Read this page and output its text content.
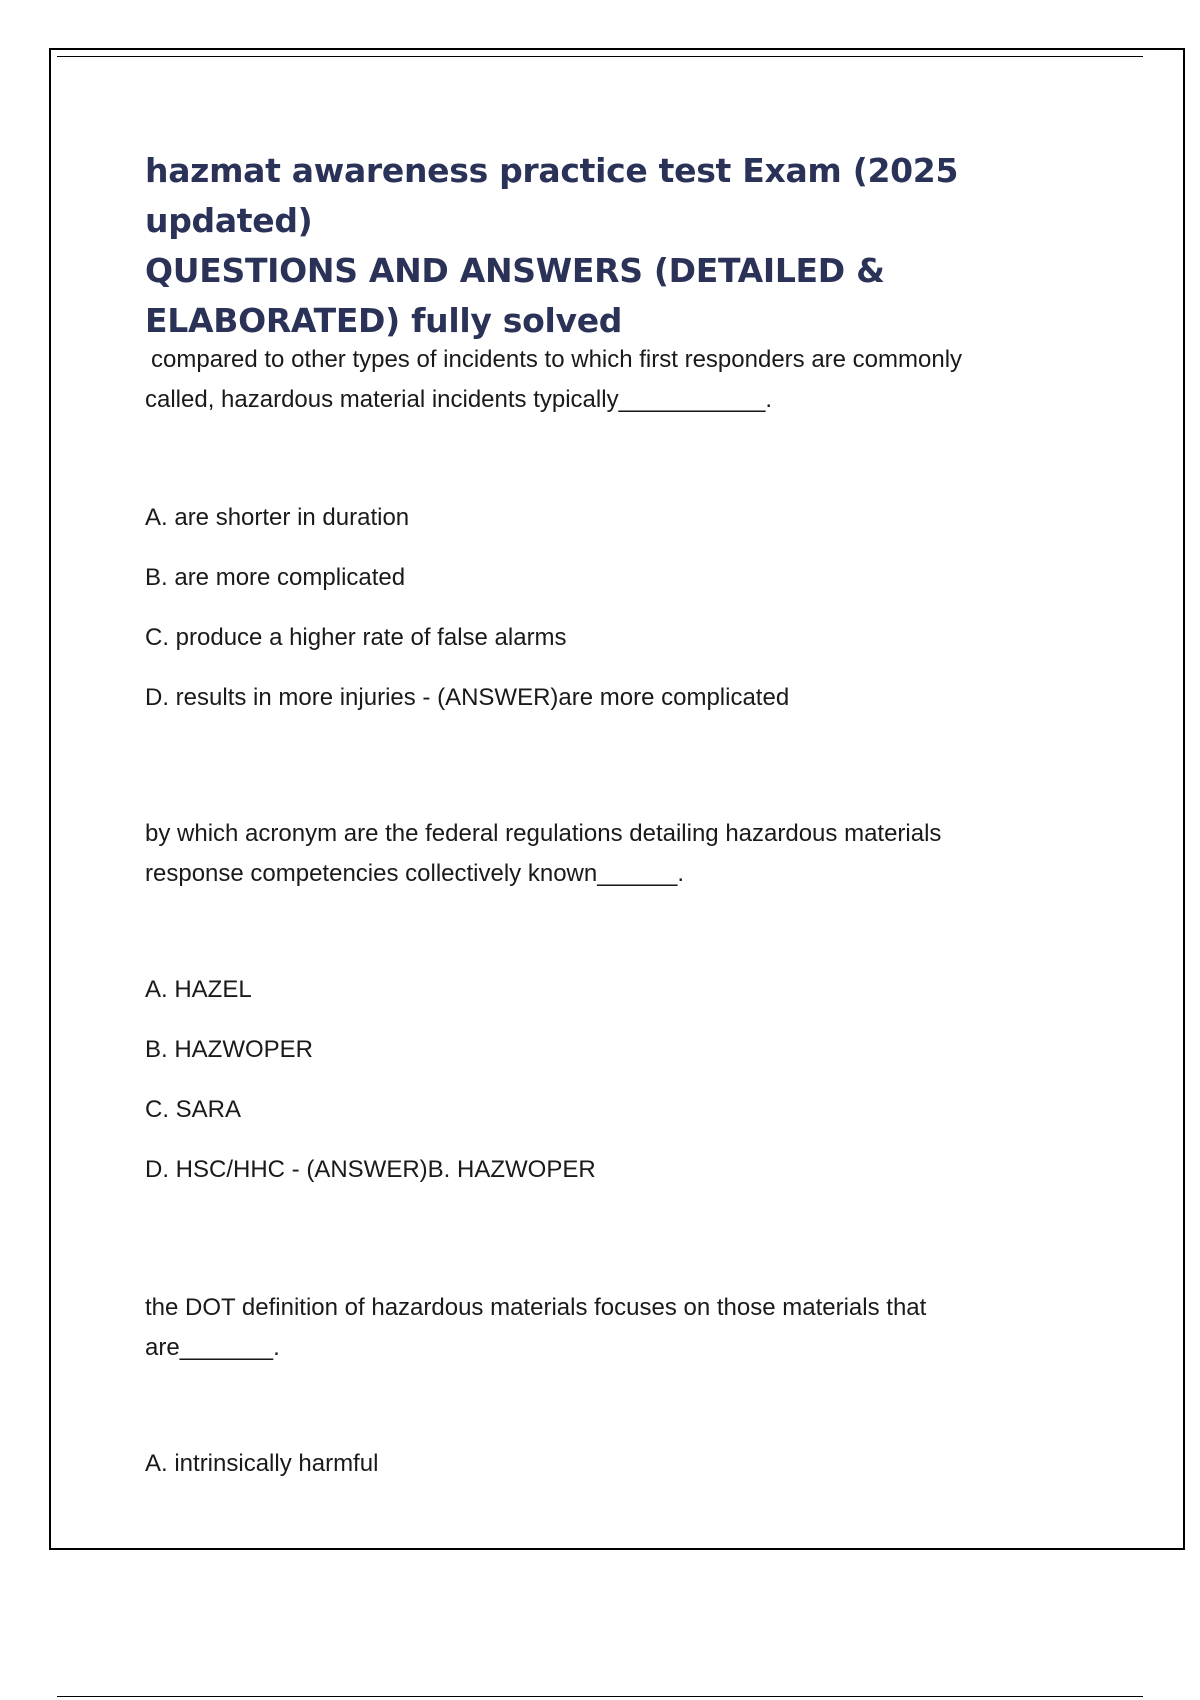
hazmat awareness practice test Exam (2025 updated)
QUESTIONS AND ANSWERS (DETAILED &
ELABORATED) fully solved

compared to other types of incidents to which first responders are commonly

called, hazardous material incidents typically___________.

A. are shorter in duration
B. are more complicated
C. produce a higher rate of false alarms
D. results in more injuries - (ANSWER)are more complicated

by which acronym are the federal regulations detailing hazardous materials

response competencies collectively known______.

A. HAZEL
B. HAZWOPER
C. SARA
D. HSC/HHC - (ANSWER)B. HAZWOPER

the DOT definition of hazardous materials focuses on those materials that

are_______.

A. intrinsically harmful
